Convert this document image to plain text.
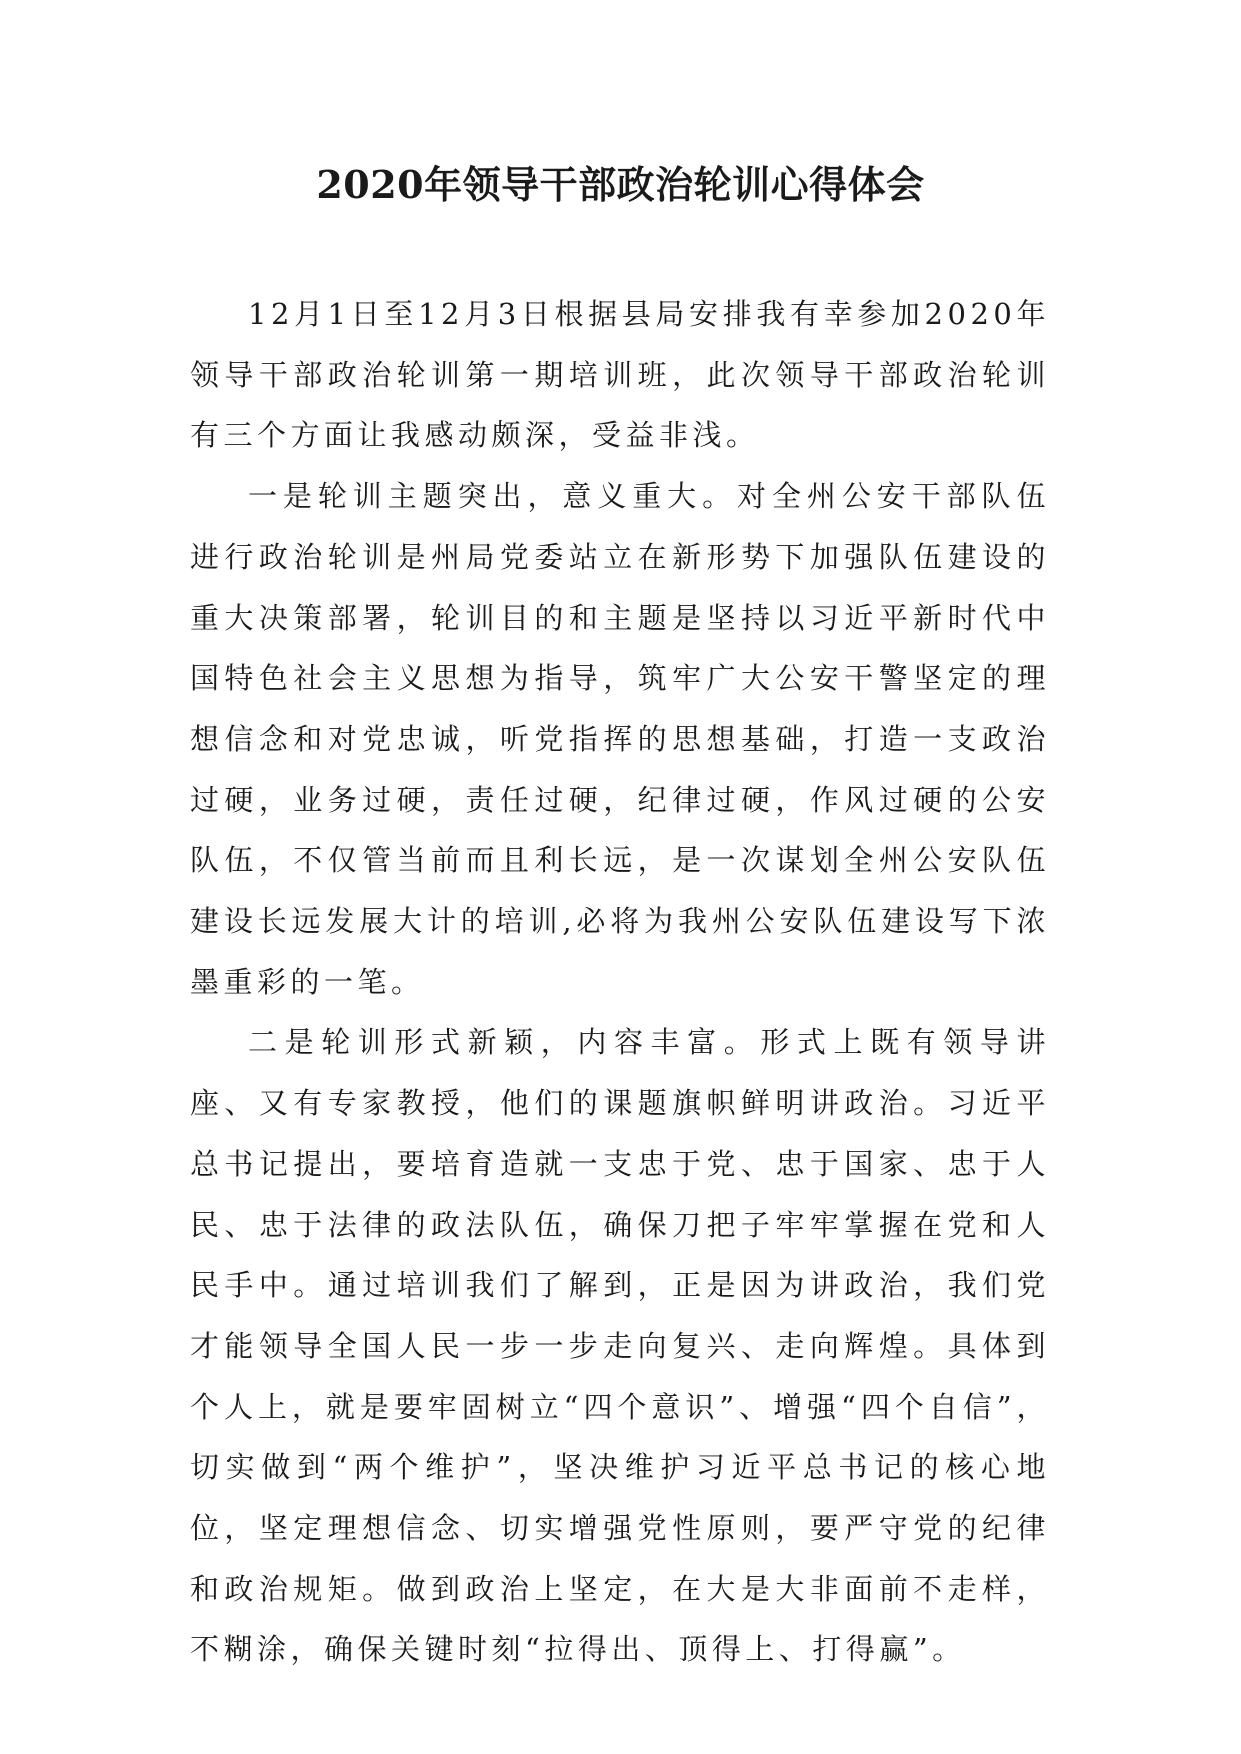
2020年领导干部政治轮训心得体会

12月1日至12月3日根据县局安排我有幸参加2020年领导干部政治轮训第一期培训班，此次领导干部政治轮训有三个方面让我感动颇深，受益非浅。

一是轮训主题突出，意义重大。对全州公安干部队伍进行政治轮训是州局党委站立在新形势下加强队伍建设的重大决策部署，轮训目的和主题是坚持以习近平新时代中国特色社会主义思想为指导，筑牢广大公安干警坚定的理想信念和对党忠诚，听党指挥的思想基础，打造一支政治过硬，业务过硬，责任过硬，纪律过硬，作风过硬的公安队伍，不仅管当前而且利长远，是一次谋划全州公安队伍建设长远发展大计的培训,必将为我州公安队伍建设写下浓墨重彩的一笔。

二是轮训形式新颖，内容丰富。形式上既有领导讲座、又有专家教授，他们的课题旗帜鲜明讲政治。习近平总书记提出，要培育造就一支忠于党、忠于国家、忠于人民、忠于法律的政法队伍，确保刀把子牢牢掌握在党和人民手中。通过培训我们了解到，正是因为讲政治，我们党才能领导全国人民一步一步走向复兴、走向辉煌。具体到个人上，就是要牢固树立“四个意识”、增强“四个自信”，切实做到“两个维护”，坚决维护习近平总书记的核心地位，坚定理想信念、切实增强党性原则，要严守党的纪律和政治规矩。做到政治上坚定，在大是大非面前不走样，不糊涂，确保关键时刻“拉得出、顶得上、打得赢”。
